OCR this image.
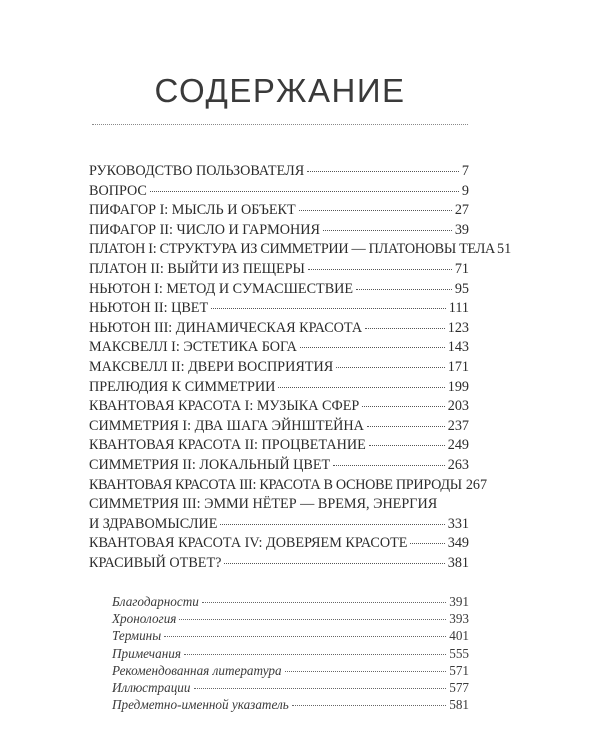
СОДЕРЖАНИЕ
РУКОВОДСТВО ПОЛЬЗОВАТЕЛЯ	7
ВОПРОС	9
ПИФАГОР I: МЫСЛЬ И ОБЪЕКТ	27
ПИФАГОР II: ЧИСЛО И ГАРМОНИЯ	39
ПЛАТОН I: СТРУКТУРА ИЗ СИММЕТРИИ — ПЛАТОНОВЫ ТЕЛА 51
ПЛАТОН II: ВЫЙТИ ИЗ ПЕЩЕРЫ	71
НЬЮТОН I: МЕТОД И СУМАСШЕСТВИЕ	95
НЬЮТОН II: ЦВЕТ	111
НЬЮТОН III: ДИНАМИЧЕСКАЯ КРАСОТА	123
МАКСВЕЛЛ I: ЭСТЕТИКА БОГА	143
МАКСВЕЛЛ II: ДВЕРИ ВОСПРИЯТИЯ	171
ПРЕЛЮДИЯ К СИММЕТРИИ	199
КВАНТОВАЯ КРАСОТА I: МУЗЫКА СФЕР	203
СИММЕТРИЯ I: ДВА ШАГА ЭЙНШТЕЙНА	237
КВАНТОВАЯ КРАСОТА II: ПРОЦВЕТАНИЕ	249
СИММЕТРИЯ II: ЛОКАЛЬНЫЙ ЦВЕТ	263
КВАНТОВАЯ КРАСОТА III: КРАСОТА В ОСНОВЕ ПРИРОДЫ 267
СИММЕТРИЯ III: ЭММИ НЁТЕР — ВРЕМЯ, ЭНЕРГИЯ
И ЗДРАВОМЫСЛИЕ	331
КВАНТОВАЯ КРАСОТА IV: ДОВЕРЯЕМ КРАСОТЕ	349
КРАСИВЫЙ ОТВЕТ?	381
Благодарности	391
Хронология	393
Термины	401
Примечания	555
Рекомендованная литература	571
Иллюстрации	577
Предметно-именной указатель	581
